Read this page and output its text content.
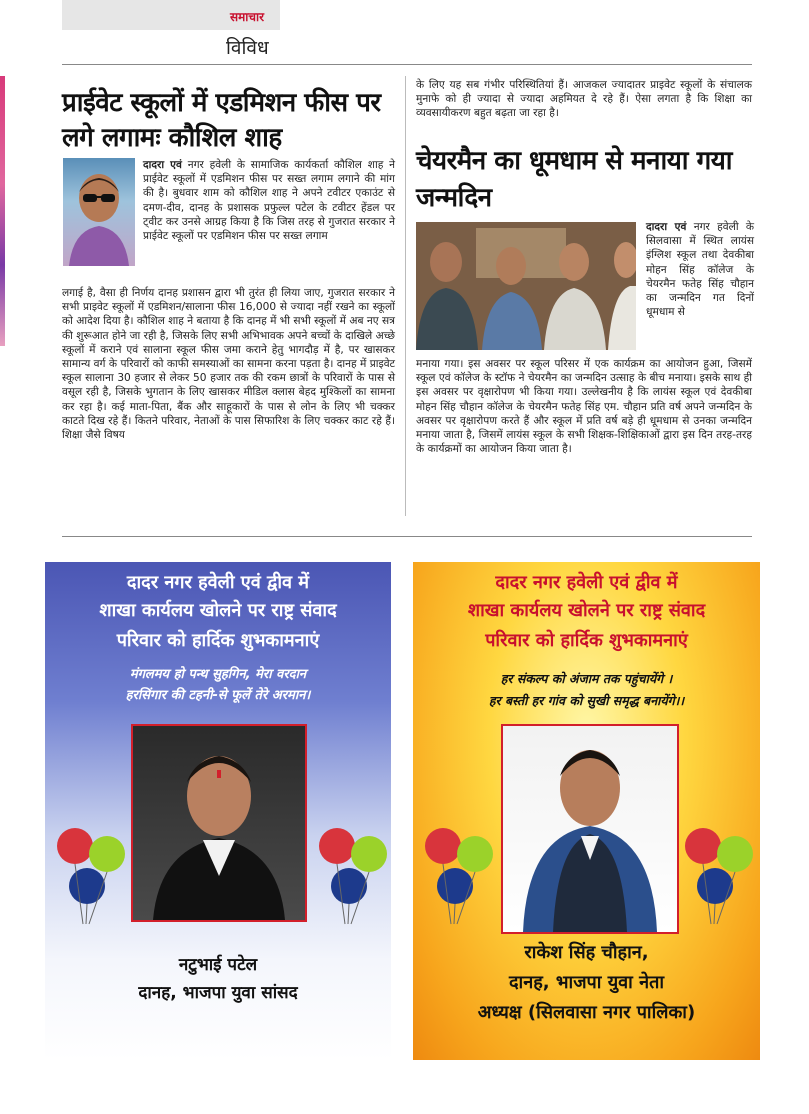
समाचार
विविध
प्राईवेट स्कूलों में एडमिशन फीस पर लगे लगामः कौशिल शाह
दादरा एवं नगर हवेली के सामाजिक कार्यकर्ता कौशिल शाह ने प्राईवेट स्कूलों में एडमिशन फीस पर सख्त लगाम लगाने की मांग की है। बुधवार शाम को कौशिल शाह ने अपने टवीटर एकाउंट से दमण-दीव, दानह के प्रशासक प्रफुल्ल पटेल के टवीटर हेंडल पर ट्वीट कर उनसे आग्रह किया है कि जिस तरह से गुजरात सरकार ने प्राईवेट स्कूलों पर एडमिशन फीस पर सख्त लगाम
लगाई है, वैसा ही निर्णय दानह प्रशासन द्वारा भी तुरंत ही लिया जाए, गुजरात सरकार ने सभी प्राइवेट स्कूलों में एडमिशन/सालाना फीस 16,000 से ज्यादा नहीं रखने का स्कूलों को आदेश दिया है। कौशिल शाह ने बताया है कि दानह में भी सभी स्कूलों में अब नए सत्र की शुरूआत होने जा रही है, जिसके लिए सभी अभिभावक अपने बच्चों के दाखिले अच्छे स्कूलों में कराने एवं सालाना स्कूल फीस जमा कराने हेतु भागदौड़ में है, पर खासकर सामान्य वर्ग के परिवारों को काफी समस्याओं का सामना करना पड़ता है। दानह में प्राइवेट स्कूल सालाना 30 हजार से लेकर 50 हजार तक की रकम छात्रों के परिवारों के पास से वसूल रही है, जिसके भुगतान के लिए खासकर मीडिल क्लास बेहद मुश्किलों का सामना कर रहा है। कई माता-पिता, बैंक और साहूकारों के पास से लोन के लिए भी चक्कर काटते दिख रहे हैं। कितने परिवार, नेताओं के पास सिफारिश के लिए चक्कर काट रहे हैं। शिक्षा जैसे विषय
के लिए यह सब गंभीर परिस्थितियां हैं। आजकल ज्यादातर प्राइवेट स्कूलों के संचालक मुनाफे को ही ज्यादा से ज्यादा अहमियत दे रहे हैं। ऐसा लगता है कि शिक्षा का व्यवसायीकरण बहुत बढ़ता जा रहा है।
चेयरमैन का धूमधाम से मनाया गया जन्मदिन
दादरा एवं नगर हवेली के सिलवासा में स्थित लायंस इंग्लिश स्कूल तथा देवकीबा मोहन सिंह कॉलेज के चेयरमैन फतेह सिंह चौहान का जन्मदिन गत दिनों धूमधाम से
मनाया गया। इस अवसर पर स्कूल परिसर में एक कार्यक्रम का आयोजन हुआ, जिसमें स्कूल एवं कॉलेज के स्टॉफ ने चेयरमैन का जन्मदिन उत्साह के बीच मनाया। इसके साथ ही इस अवसर पर वृक्षारोपण भी किया गया। उल्लेखनीय है कि लायंस स्कूल एवं देवकीबा मोहन सिंह चौहान कॉलेज के चेयरमैन फतेह सिंह एम. चौहान प्रति वर्ष अपने जन्मदिन के अवसर पर वृक्षारोपण करते हैं और स्कूल में प्रति वर्ष बड़े ही धूमधाम से उनका जन्मदिन मनाया जाता है, जिसमें लायंस स्कूल के सभी शिक्षक-शिक्षिकाओं द्वारा इस दिन तरह-तरह के कार्यक्रमों का आयोजन किया जाता है।
दादर नगर हवेली एवं द्वीव में
शाखा कार्यलय खोलने पर राष्ट्र संवाद
परिवार को हार्दिक शुभकामनाएं
मंगलमय हो पन्थ सुहगिन, मेरा वरदान
हरसिंगार की टहनी-से फूलें तेरे अरमान।
नटुभाई पटेल
दानह, भाजपा युवा सांसद
दादर नगर हवेली एवं द्वीव में
शाखा कार्यलय खोलने पर राष्ट्र संवाद
परिवार को हार्दिक शुभकामनाएं
हर संकल्प को अंजाम तक पहुंचायेंगे ।
हर बस्ती हर गांव को सुखी समृद्ध बनायेंगे।।
राकेश सिंह चौहान,
दानह, भाजपा युवा नेता
अध्यक्ष (सिलवासा नगर पालिका)
